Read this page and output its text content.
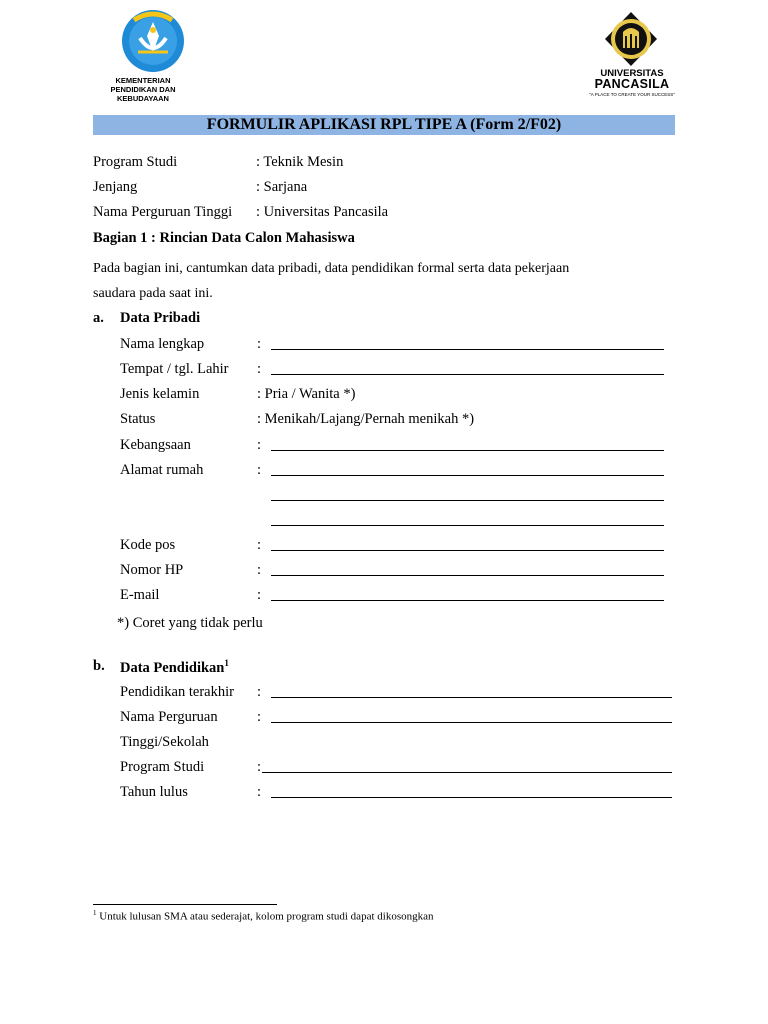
KEMENTERIAN
PENDIDIKAN DAN KEBUDAYAAN
UNIVERSITAS
PANCASILA
"A PLACE TO CREATE YOUR SUCCESS"
FORMULIR APLIKASI RPL TIPE A (Form 2/F02)
Program Studi	: Teknik Mesin
Jenjang	: Sarjana
Nama Perguruan Tinggi : Universitas Pancasila
Bagian 1 : Rincian Data Calon Mahasiswa
Pada bagian ini, cantumkan data pribadi, data pendidikan formal serta data pekerjaan
saudara pada saat ini.
a. Data Pribadi
Nama lengkap	:
Tempat / tgl. Lahir :
Jenis kelamin	: Pria / Wanita *)
Status	: Menikah/Lajang/Pernah menikah *)
Kebangsaan	:
Alamat rumah	:
Kode pos	:
Nomor HP	:
E-mail	:
*) Coret yang tidak perlu
b. Data Pendidikan$^1$
Pendidikan terakhir :
Nama Perguruan	:
Tinggi/Sekolah
Program Studi	:
Tahun lulus	:
$^1$ Untuk lulusan SMA atau sederajat, kolom program studi dapat dikosongkan
